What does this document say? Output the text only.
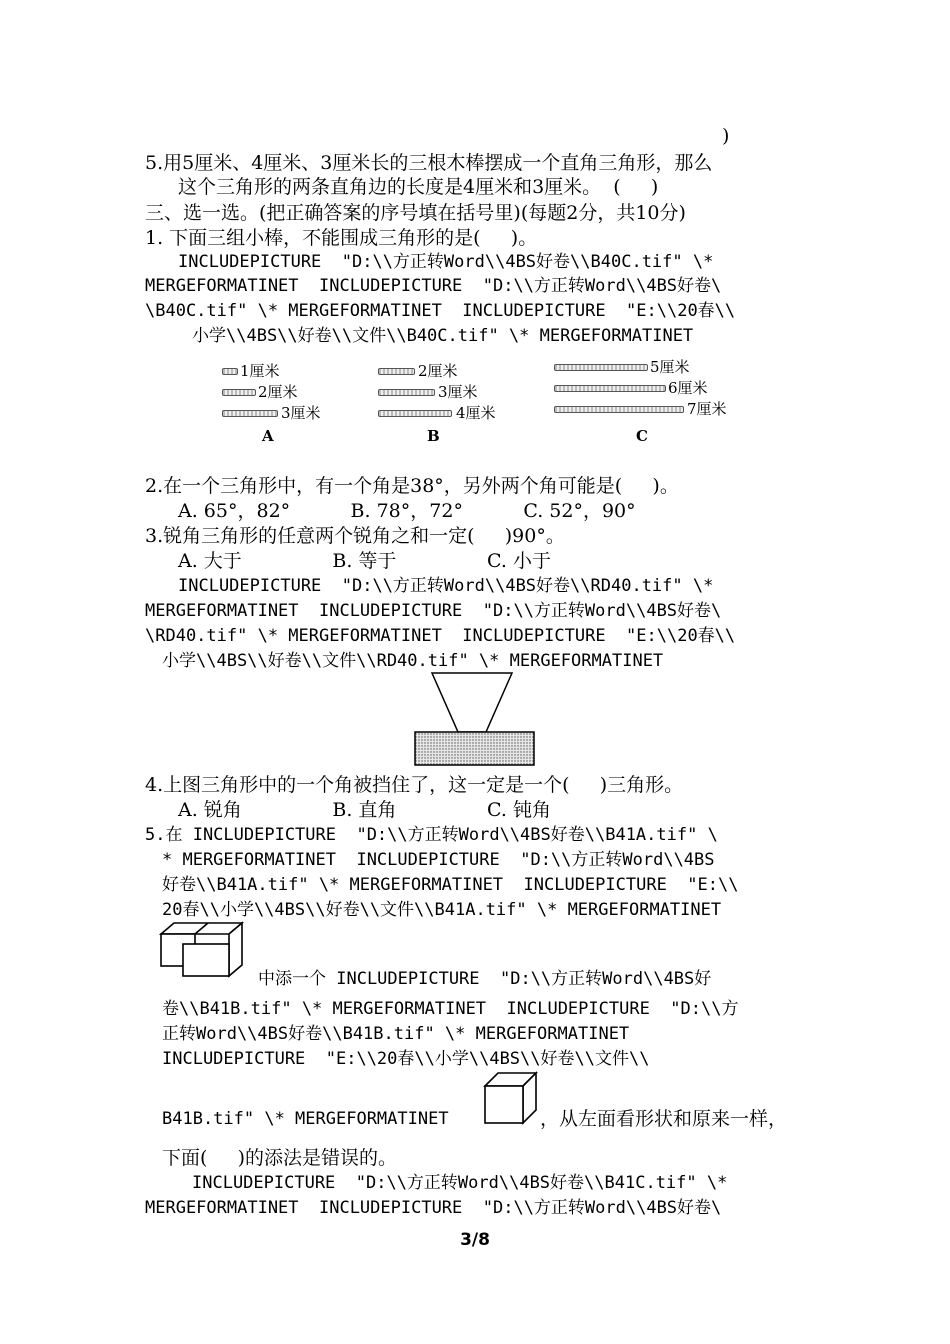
)
5.用5厘米、4厘米、3厘米长的三根木棒摆成一个直角三角形，那么
这个三角形的两条直角边的长度是4厘米和3厘米。  (     )
三、选一选。(把正确答案的序号填在括号里)(每题2分，共10分)
1. 下面三组小棒，不能围成三角形的是(     )。
INCLUDEPICTURE  "D:\\方正转Word\\4BS好卷\\B40C.tif" \*
MERGEFORMATINET  INCLUDEPICTURE  "D:\\方正转Word\\4BS好卷\
\B40C.tif" \* MERGEFORMATINET  INCLUDEPICTURE  "E:\\20春\\
小学\\4BS\\好卷\\文件\\B40C.tif" \* MERGEFORMATINET
1厘米
2厘米
3厘米
A
2厘米
3厘米
4厘米
B
5厘米
6厘米
7厘米
C
2.在一个三角形中，有一个角是38°，另外两个角可能是(     )。
A. 65°，82°          B. 78°，72°          C. 52°，90°
3.锐角三角形的任意两个锐角之和一定(     )90°。
A. 大于               B. 等于               C. 小于
INCLUDEPICTURE  "D:\\方正转Word\\4BS好卷\\RD40.tif" \*
MERGEFORMATINET  INCLUDEPICTURE  "D:\\方正转Word\\4BS好卷\
\RD40.tif" \* MERGEFORMATINET  INCLUDEPICTURE  "E:\\20春\\
小学\\4BS\\好卷\\文件\\RD40.tif" \* MERGEFORMATINET
4.上图三角形中的一个角被挡住了，这一定是一个(     )三角形。
A. 锐角               B. 直角               C. 钝角
5.在 INCLUDEPICTURE  "D:\\方正转Word\\4BS好卷\\B41A.tif" \
* MERGEFORMATINET  INCLUDEPICTURE  "D:\\方正转Word\\4BS
好卷\\B41A.tif" \* MERGEFORMATINET  INCLUDEPICTURE  "E:\\
20春\\小学\\4BS\\好卷\\文件\\B41A.tif" \* MERGEFORMATINET
中添一个 INCLUDEPICTURE  "D:\\方正转Word\\4BS好
卷\\B41B.tif" \* MERGEFORMATINET  INCLUDEPICTURE  "D:\\方
正转Word\\4BS好卷\\B41B.tif" \* MERGEFORMATINET
INCLUDEPICTURE  "E:\\20春\\小学\\4BS\\好卷\\文件\\
B41B.tif" \* MERGEFORMATINET	，从左面看形状和原来一样，
下面(     )的添法是错误的。
INCLUDEPICTURE  "D:\\方正转Word\\4BS好卷\\B41C.tif" \*
MERGEFORMATINET  INCLUDEPICTURE  "D:\\方正转Word\\4BS好卷\
3/8
